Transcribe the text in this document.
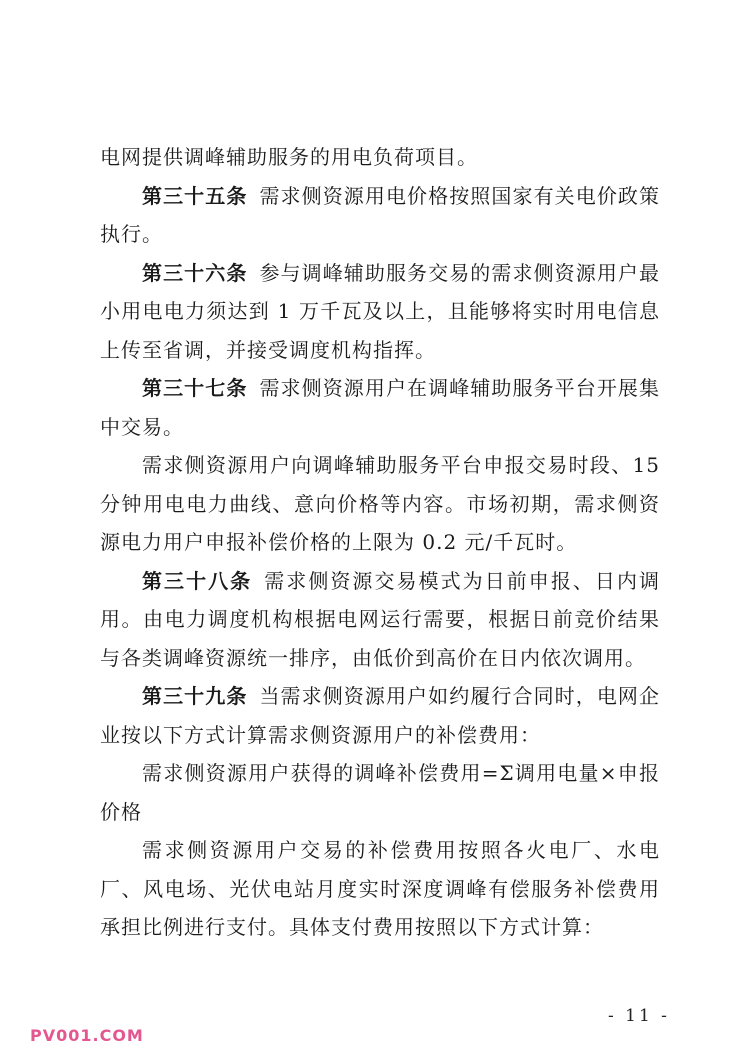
电网提供调峰辅助服务的用电负荷项目。

第三十五条 需求侧资源用电价格按照国家有关电价政策执行。

第三十六条 参与调峰辅助服务交易的需求侧资源用户最小用电电力须达到 1 万千瓦及以上，且能够将实时用电信息上传至省调，并接受调度机构指挥。

第三十七条 需求侧资源用户在调峰辅助服务平台开展集中交易。

需求侧资源用户向调峰辅助服务平台申报交易时段、15 分钟用电电力曲线、意向价格等内容。市场初期，需求侧资源电力用户申报补偿价格的上限为 0.2 元/千瓦时。

第三十八条 需求侧资源交易模式为日前申报、日内调用。由电力调度机构根据电网运行需要，根据日前竞价结果与各类调峰资源统一排序，由低价到高价在日内依次调用。

第三十九条 当需求侧资源用户如约履行合同时，电网企业按以下方式计算需求侧资源用户的补偿费用：

需求侧资源用户获得的调峰补偿费用=Σ调用电量×申报价格

需求侧资源用户交易的补偿费用按照各火电厂、水电厂、风电场、光伏电站月度实时深度调峰有偿服务补偿费用承担比例进行支付。具体支付费用按照以下方式计算：

- 11 -
PV001.COM
